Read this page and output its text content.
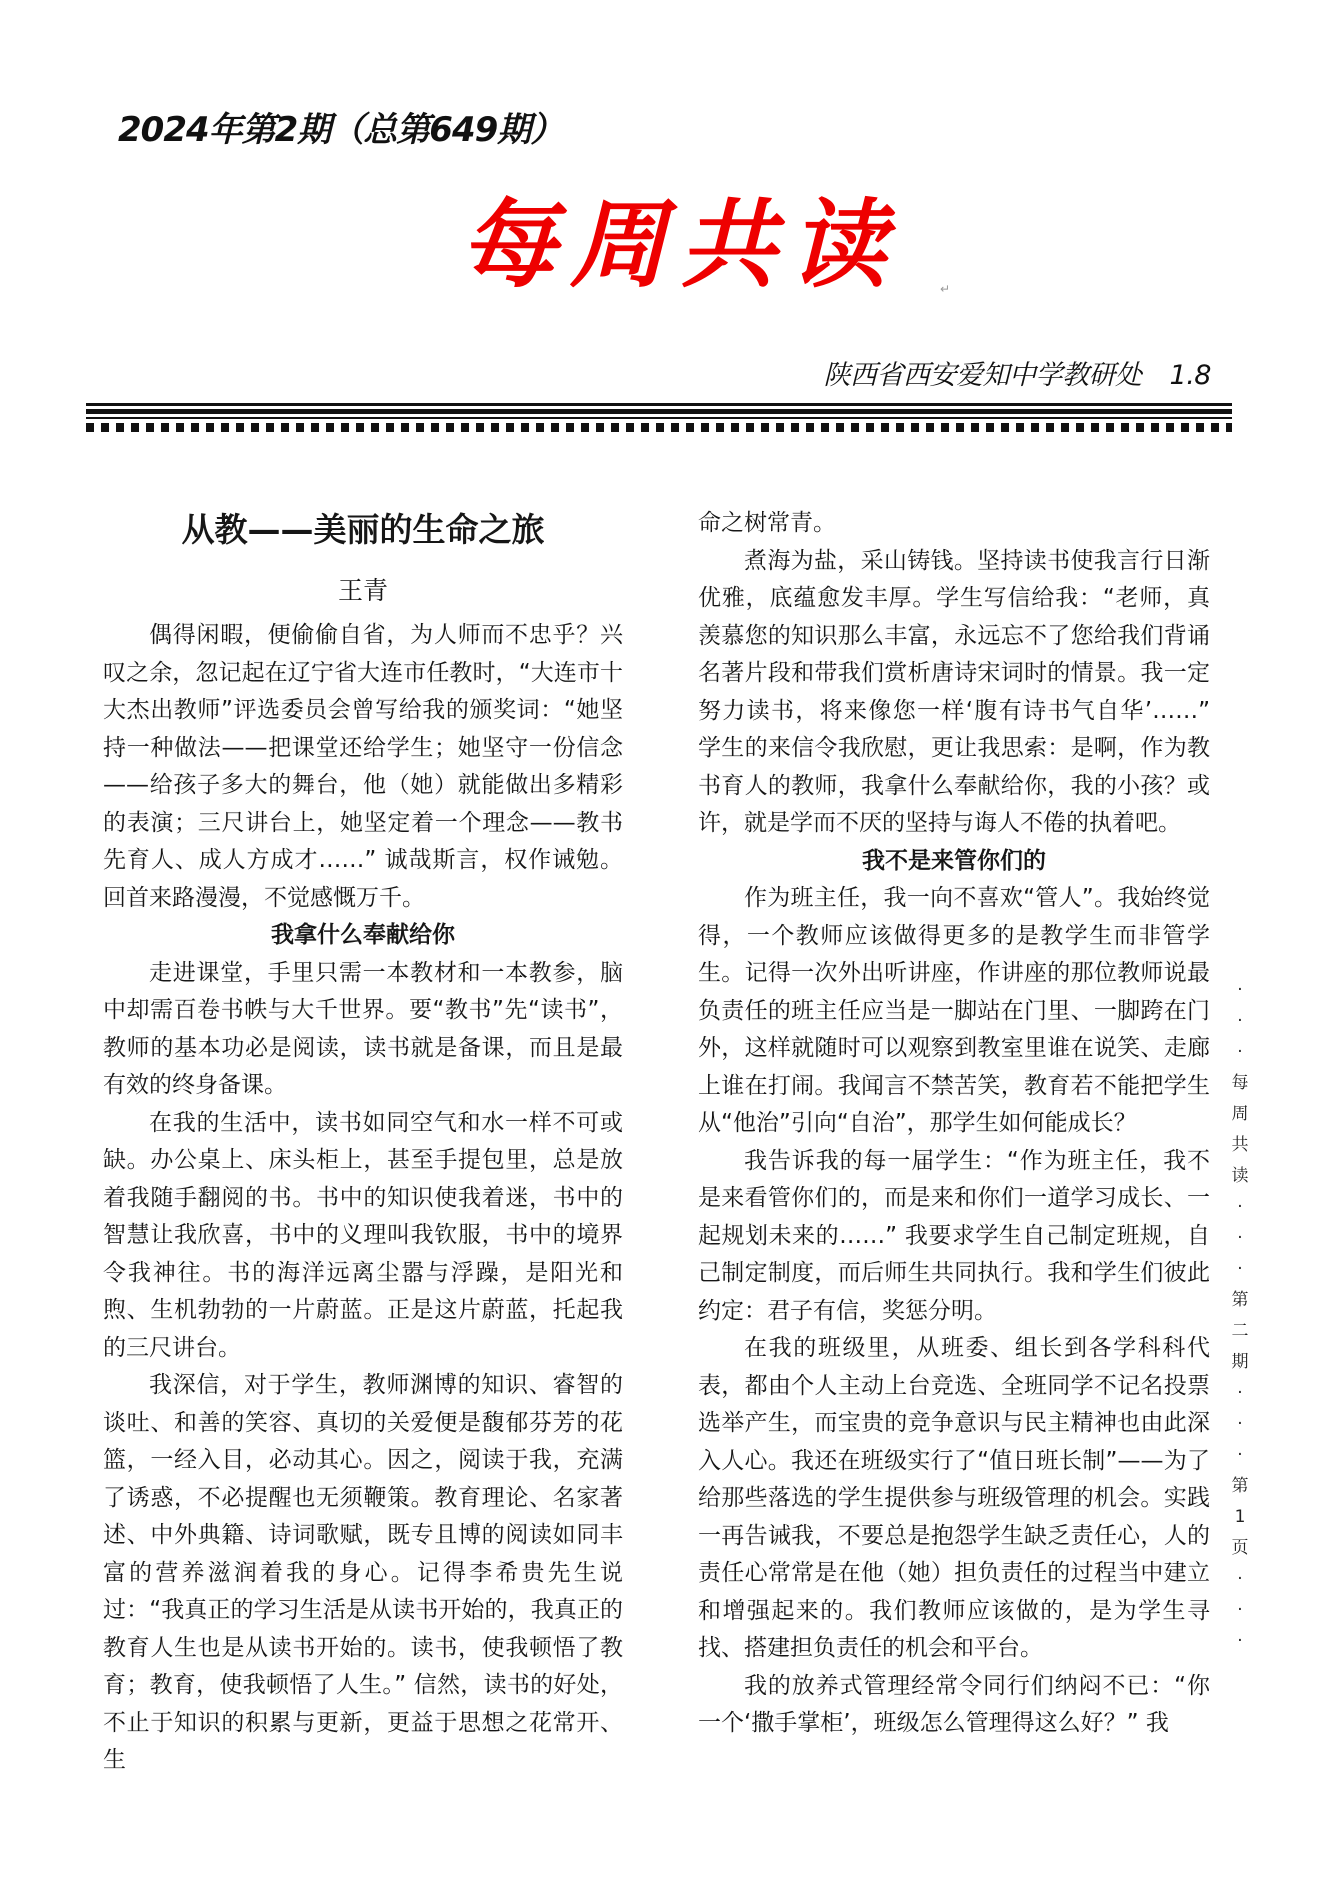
2024年第2期（总第649期）
每周共读	↵
陕西省西安爱知中学教研处 1.8
从教——美丽的生命之旅
王青

偶得闲暇，便偷偷自省，为人师而不忠乎？兴叹之余，忽记起在辽宁省大连市任教时，“大连市十大杰出教师”评选委员会曾写给我的颁奖词：“她坚持一种做法——把课堂还给学生；她坚守一份信念——给孩子多大的舞台，他（她）就能做出多精彩的表演；三尺讲台上，她坚定着一个理念——教书先育人、成人方成才……” 诚哉斯言，权作诫勉。回首来路漫漫，不觉感慨万千。

我拿什么奉献给你

走进课堂，手里只需一本教材和一本教参，脑中却需百卷书帙与大千世界。要“教书”先“读书”，教师的基本功必是阅读，读书就是备课，而且是最有效的终身备课。

在我的生活中，读书如同空气和水一样不可或缺。办公桌上、床头柜上，甚至手提包里，总是放着我随手翻阅的书。书中的知识使我着迷，书中的智慧让我欣喜，书中的义理叫我钦服，书中的境界令我神往。书的海洋远离尘嚣与浮躁，是阳光和煦、生机勃勃的一片蔚蓝。正是这片蔚蓝，托起我的三尺讲台。

我深信，对于学生，教师渊博的知识、睿智的谈吐、和善的笑容、真切的关爱便是馥郁芬芳的花篮，一经入目，必动其心。因之，阅读于我，充满了诱惑，不必提醒也无须鞭策。教育理论、名家著述、中外典籍、诗词歌赋，既专且博的阅读如同丰富的营养滋润着我的身心。记得李希贵先生说过：“我真正的学习生活是从读书开始的，我真正的教育人生也是从读书开始的。读书，使我顿悟了教育；教育，使我顿悟了人生。” 信然，读书的好处，不止于知识的积累与更新，更益于思想之花常开、生

命之树常青。

煮海为盐，采山铸钱。坚持读书使我言行日渐优雅，底蕴愈发丰厚。学生写信给我：“老师，真羡慕您的知识那么丰富，永远忘不了您给我们背诵名著片段和带我们赏析唐诗宋词时的情景。我一定努力读书，将来像您一样‘腹有诗书气自华’……” 学生的来信令我欣慰，更让我思索：是啊，作为教书育人的教师，我拿什么奉献给你，我的小孩？或许，就是学而不厌的坚持与诲人不倦的执着吧。

我不是来管你们的

作为班主任，我一向不喜欢“管人”。我始终觉得，一个教师应该做得更多的是教学生而非管学生。记得一次外出听讲座，作讲座的那位教师说最负责任的班主任应当是一脚站在门里、一脚跨在门外，这样就随时可以观察到教室里谁在说笑、走廊上谁在打闹。我闻言不禁苦笑，教育若不能把学生从“他治”引向“自治”，那学生如何能成长？

我告诉我的每一届学生：“作为班主任，我不是来看管你们的，而是来和你们一道学习成长、一起规划未来的……” 我要求学生自己制定班规，自己制定制度，而后师生共同执行。我和学生们彼此约定：君子有信，奖惩分明。

在我的班级里，从班委、组长到各学科科代表，都由个人主动上台竞选、全班同学不记名投票选举产生，而宝贵的竞争意识与民主精神也由此深入人心。我还在班级实行了“值日班长制”——为了给那些落选的学生提供参与班级管理的机会。实践一再告诫我，不要总是抱怨学生缺乏责任心，人的责任心常常是在他（她）担负责任的过程当中建立和增强起来的。我们教师应该做的，是为学生寻找、搭建担负责任的机会和平台。

我的放养式管理经常令同行们纳闷不已：“你一个‘撒手掌柜’，班级怎么管理得这么好？” 我

·
·
·
每
周
共
读
·
·
·
第
二
期
·
·
·
第
1
页
·
·
·
